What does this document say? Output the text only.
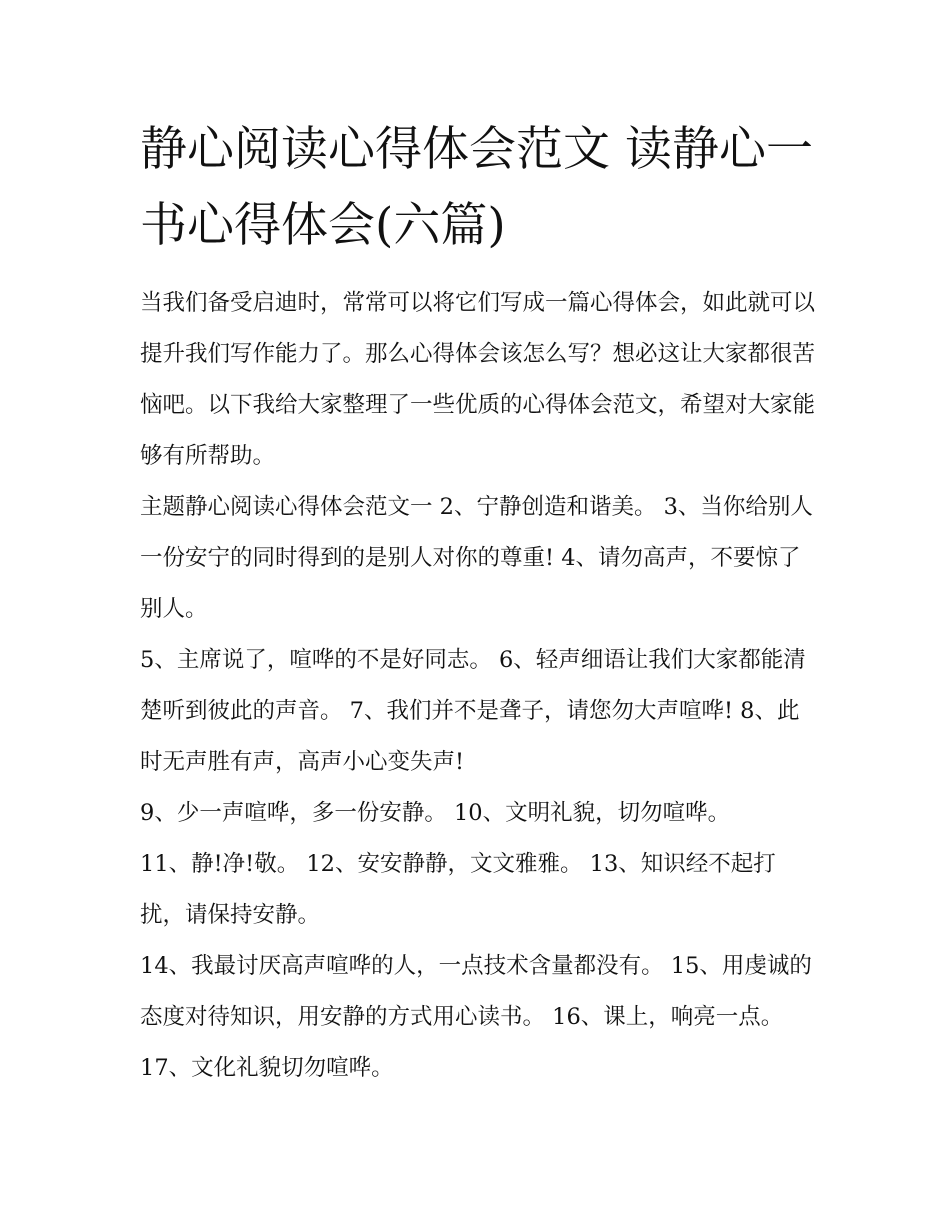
静心阅读心得体会范文 读静心一书心得体会(六篇)

当我们备受启迪时，常常可以将它们写成一篇心得体会，如此就可以提升我们写作能力了。那么心得体会该怎么写？想必这让大家都很苦恼吧。以下我给大家整理了一些优质的心得体会范文，希望对大家能够有所帮助。

主题静心阅读心得体会范文一 2、宁静创造和谐美。 3、当你给别人一份安宁的同时得到的是别人对你的尊重! 4、请勿高声，不要惊了别人。

5、主席说了，喧哗的不是好同志。 6、轻声细语让我们大家都能清楚听到彼此的声音。 7、我们并不是聋子，请您勿大声喧哗! 8、此时无声胜有声，高声小心变失声!

9、少一声喧哗，多一份安静。 10、文明礼貌，切勿喧哗。

11、静!净!敬。 12、安安静静，文文雅雅。 13、知识经不起打扰，请保持安静。

14、我最讨厌高声喧哗的人，一点技术含量都没有。 15、用虔诚的态度对待知识，用安静的方式用心读书。 16、课上，响亮一点。 17、文化礼貌切勿喧哗。
